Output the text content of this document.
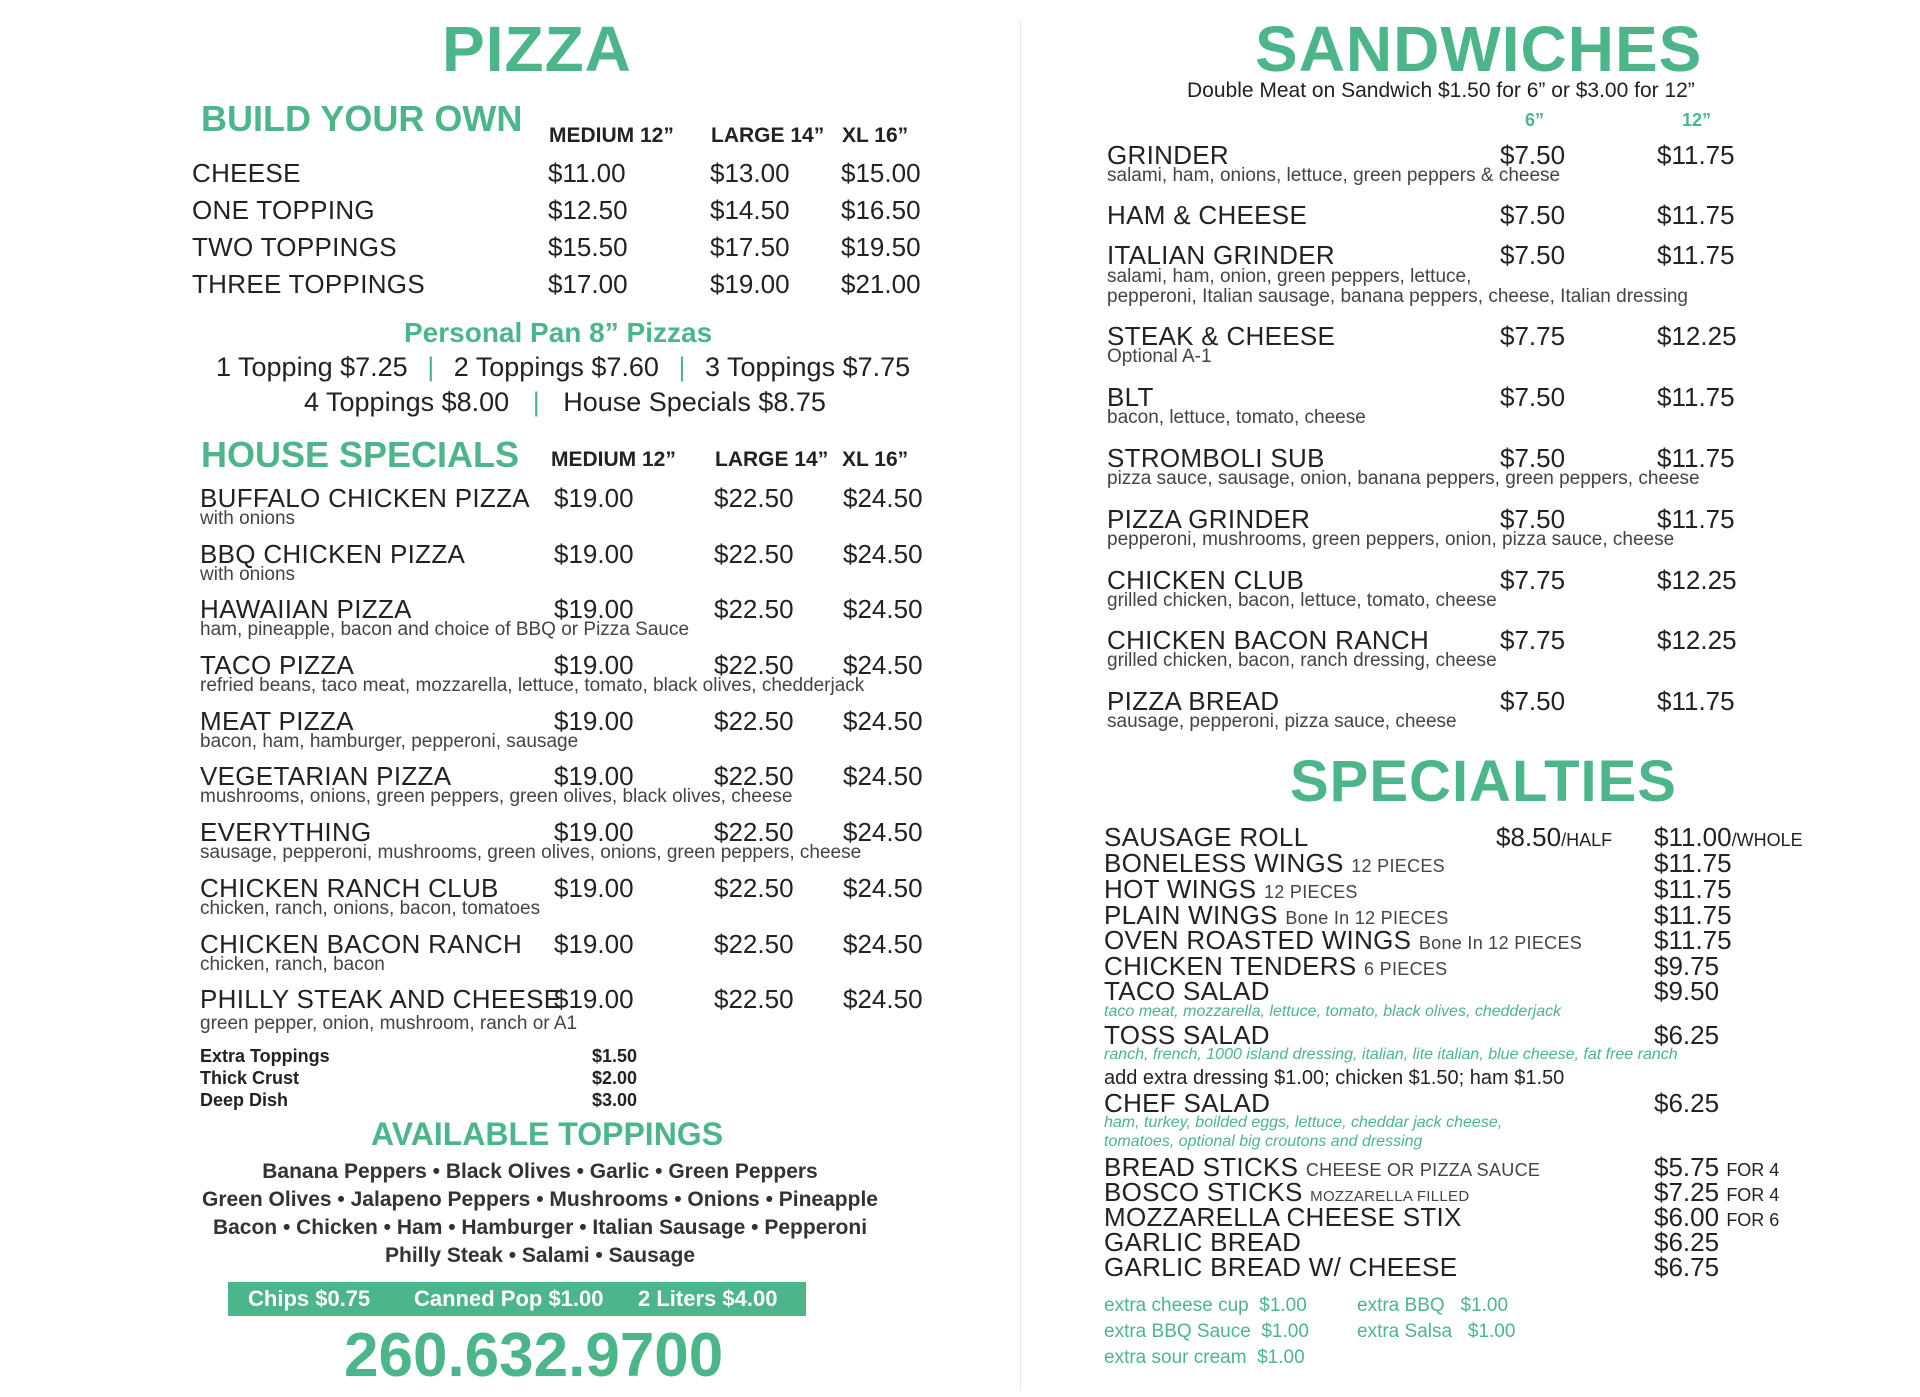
PIZZA
BUILD YOUR OWN MEDIUM 12” LARGE 14” XL 16”
CHEESE	$11.00	$13.00 $15.00
ONE TOPPING	$12.50	$14.50 $16.50
TWO TOPPINGS	$15.50	$17.50 $19.50
THREE TOPPINGS	$17.00	$19.00 $21.00
Personal Pan 8” Pizzas
1 Topping $7.25 | 2 Toppings $7.60 | 3 Toppings $7.75
4 Toppings $8.00 | House Specials $8.75
HOUSE SPECIALS MEDIUM 12” LARGE 14” XL 16”
BUFFALO CHICKEN PIZZA
with onions
$19.00	$22.50 $24.50
BBQ CHICKEN PIZZA
with onions
$19.00	$22.50 $24.50
HAWAIIAN PIZZA
ham, pineapple, bacon and choice of BBQ or Pizza Sauce
$19.00	$22.50 $24.50
TACO PIZZA
refried beans, taco meat, mozzarella, lettuce, tomato, black olives, chedderjack
$19.00	$22.50 $24.50
MEAT PIZZA
bacon, ham, hamburger, pepperoni, sausage
$19.00	$22.50 $24.50
VEGETARIAN PIZZA
mushrooms, onions, green peppers, green olives, black olives, cheese
$19.00	$22.50 $24.50
EVERYTHING
sausage, pepperoni, mushrooms, green olives, onions, green peppers, cheese
$19.00	$22.50 $24.50
CHICKEN RANCH CLUB
chicken, ranch, onions, bacon, tomatoes
$19.00	$22.50 $24.50
CHICKEN BACON RANCH
chicken, ranch, bacon
$19.00	$22.50 $24.50
PHILLY STEAK AND CHEESE
green pepper, onion, mushroom, ranch or A1
$19.00	$22.50 $24.50
Extra Toppings	$1.50
Thick Crust	$2.00
Deep Dish	$3.00
AVAILABLE TOPPINGS
Banana Peppers • Black Olives • Garlic • Green Peppers
Green Olives • Jalapeno Peppers • Mushrooms • Onions • Pineapple
Bacon • Chicken • Ham • Hamburger • Italian Sausage • Pepperoni
Philly Steak • Salami • Sausage
Chips $0.75 Canned Pop $1.00 2 Liters $4.00
260.632.9700
SANDWICHES
Double Meat on Sandwich $1.50 for 6” or $3.00 for 12”
6”	12”
GRINDER
salami, ham, onions, lettuce, green peppers & cheese
$7.50	$11.75
HAM & CHEESE	$7.50	$11.75
ITALIAN GRINDER
salami, ham, onion, green peppers, lettuce,
pepperoni, Italian sausage, banana peppers, cheese, Italian dressing
$7.50	$11.75
STEAK & CHEESE
Optional A-1
$7.75	$12.25
BLT
bacon, lettuce, tomato, cheese
$7.50	$11.75
STROMBOLI SUB
pizza sauce, sausage, onion, banana peppers, green peppers, cheese
$7.50	$11.75
PIZZA GRINDER
pepperoni, mushrooms, green peppers, onion, pizza sauce, cheese
$7.50	$11.75
CHICKEN CLUB
grilled chicken, bacon, lettuce, tomato, cheese
$7.75	$12.25
CHICKEN BACON RANCH
grilled chicken, bacon, ranch dressing, cheese
$7.75	$12.25
PIZZA BREAD
sausage, pepperoni, pizza sauce, cheese
$7.50	$11.75
SPECIALTIES
SAUSAGE ROLL	$8.50/HALF $11.00/WHOLE
BONELESS WINGS 12 PIECES	$11.75
HOT WINGS 12 PIECES	$11.75
PLAIN WINGS Bone In 12 PIECES	$11.75
OVEN ROASTED WINGS Bone In 12 PIECES	$11.75
CHICKEN TENDERS 6 PIECES	$9.75
TACO SALAD	$9.50
taco meat, mozzarella, lettuce, tomato, black olives, chedderjack
TOSS SALAD	$6.25
ranch, french, 1000 island dressing, italian, lite italian, blue cheese, fat free ranch
add extra dressing $1.00; chicken $1.50; ham $1.50
CHEF SALAD	$6.25
ham, turkey, boilded eggs, lettuce, cheddar jack cheese,
tomatoes, optional big croutons and dressing
BREAD STICKS CHEESE OR PIZZA SAUCE	$5.75 FOR 4
BOSCO STICKS MOZZARELLA FILLED	$7.25 FOR 4
MOZZARELLA CHEESE STIX	$6.00 FOR 6
GARLIC BREAD	$6.25
GARLIC BREAD W/ CHEESE	$6.75
extra cheese cup $1.00
extra BBQ Sauce $1.00
extra sour cream $1.00
extra BBQ $1.00
extra Salsa $1.00
